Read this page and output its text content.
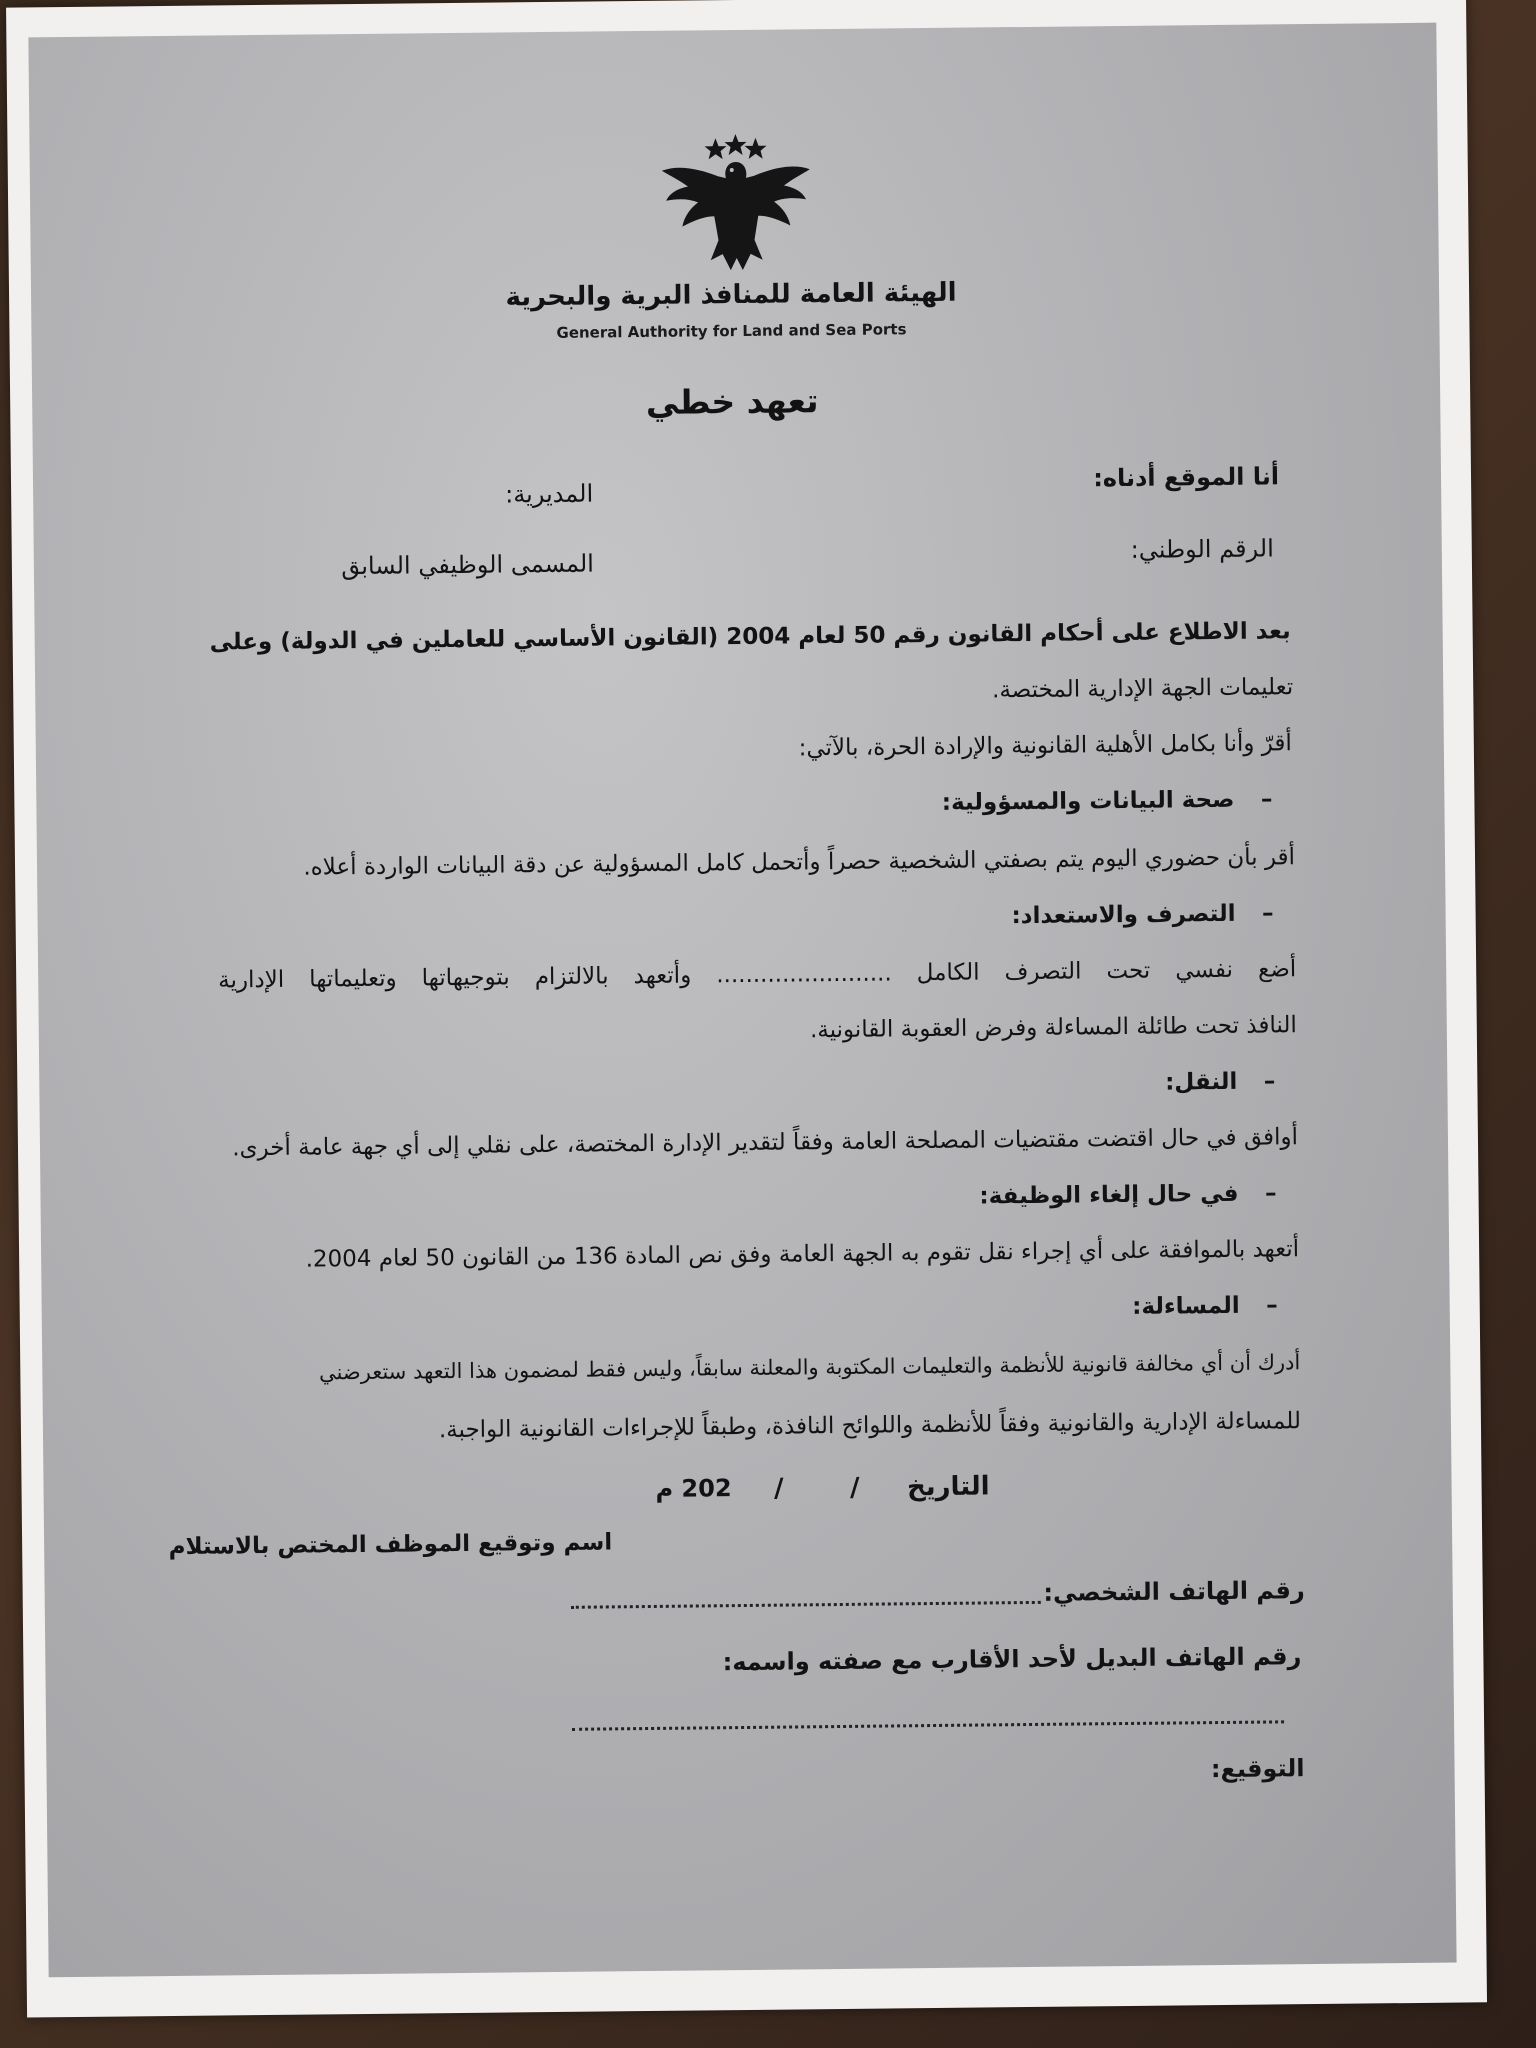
الهيئة العامة للمنافذ البرية والبحرية
General Authority for Land and Sea Ports
تعهد خطي
أنا الموقع أدناه:
المديرية:
الرقم الوطني:
المسمى الوظيفي السابق
بعد الاطلاع على أحكام القانون رقم 50 لعام 2004 (القانون الأساسي للعاملين في الدولة) وعلى
تعليمات الجهة الإدارية المختصة.
أقرّ وأنا بكامل الأهلية القانونية والإرادة الحرة، بالآتي:
–
صحة البيانات والمسؤولية:
أقر بأن حضوري اليوم يتم بصفتي الشخصية حصراً وأتحمل كامل المسؤولية عن دقة البيانات الواردة أعلاه.
–
التصرف والاستعداد:
أضع نفسي تحت التصرف الكامل ........................ وأتعهد بالالتزام بتوجيهاتها وتعليماتها الإدارية
النافذ تحت طائلة المساءلة وفرض العقوبة القانونية.
–
النقل:
أوافق في حال اقتضت مقتضيات المصلحة العامة وفقاً لتقدير الإدارة المختصة، على نقلي إلى أي جهة عامة أخرى.
–
في حال إلغاء الوظيفة:
أتعهد بالموافقة على أي إجراء نقل تقوم به الجهة العامة وفق نص المادة 136 من القانون 50 لعام 2004.
–
المساءلة:
أدرك أن أي مخالفة قانونية للأنظمة والتعليمات المكتوبة والمعلنة سابقاً، وليس فقط لمضمون هذا التعهد ستعرضني
للمساءلة الإدارية والقانونية وفقاً للأنظمة واللوائح النافذة، وطبقاً للإجراءات القانونية الواجبة.
التاريخ
/
/
202 م
اسم وتوقيع الموظف المختص بالاستلام
رقم الهاتف الشخصي:
رقم الهاتف البديل لأحد الأقارب مع صفته واسمه:
التوقيع:
